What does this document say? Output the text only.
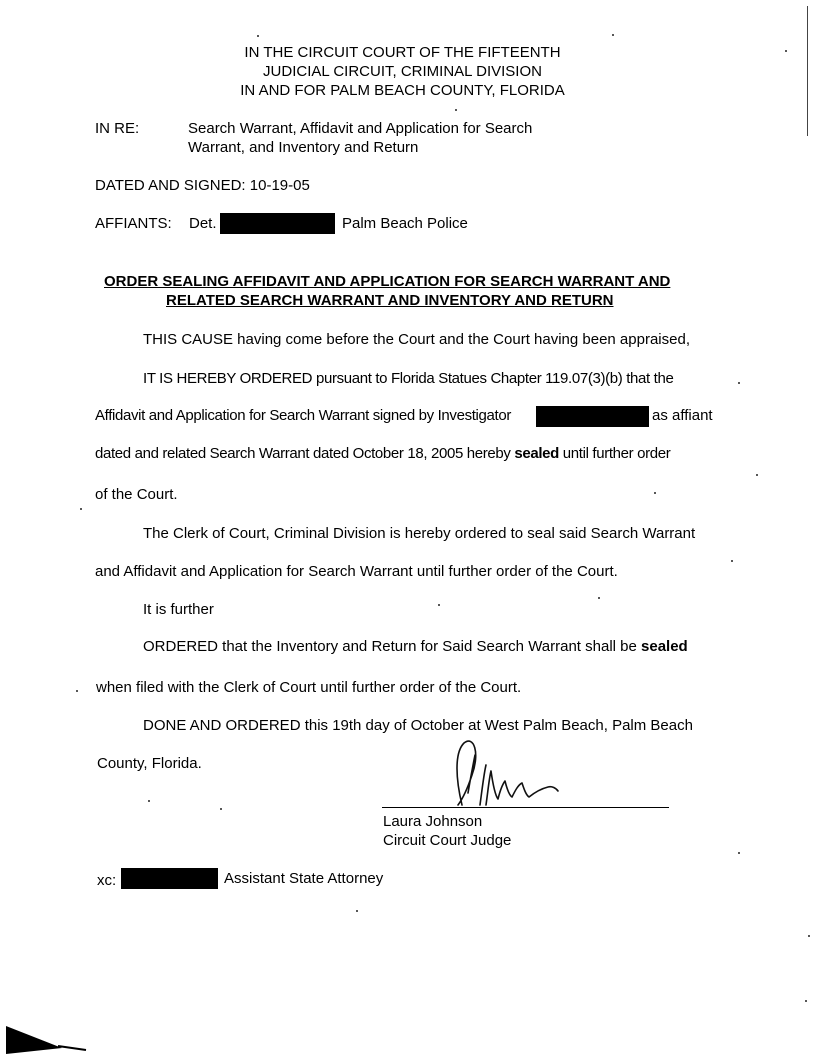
IN THE CIRCUIT COURT OF THE FIFTEENTH
JUDICIAL CIRCUIT, CRIMINAL DIVISION
IN AND FOR PALM BEACH COUNTY, FLORIDA
IN RE:	Search Warrant, Affidavit and Application for Search
Warrant, and Inventory and Return
DATED AND SIGNED: 10-19-05
AFFIANTS: Det.	Palm Beach Police
ORDER SEALING AFFIDAVIT AND APPLICATION FOR SEARCH WARRANT AND
RELATED SEARCH WARRANT AND INVENTORY AND RETURN
THIS CAUSE having come before the Court and the Court having been appraised,
IT IS HEREBY ORDERED pursuant to Florida Statues Chapter 119.07(3)(b) that the
Affidavit and Application for Search Warrant signed by Investigator	as affiant
dated and related Search Warrant dated October 18, 2005 hereby sealed until further order
of the Court.
The Clerk of Court, Criminal Division is hereby ordered to seal said Search Warrant
and Affidavit and Application for Search Warrant until further order of the Court.
It is further
ORDERED that the Inventory and Return for Said Search Warrant shall be sealed
when filed with the Clerk of Court until further order of the Court.
DONE AND ORDERED this 19th day of October at West Palm Beach, Palm Beach
County, Florida.
Laura Johnson
Circuit Court Judge
xc:	Assistant State Attorney
